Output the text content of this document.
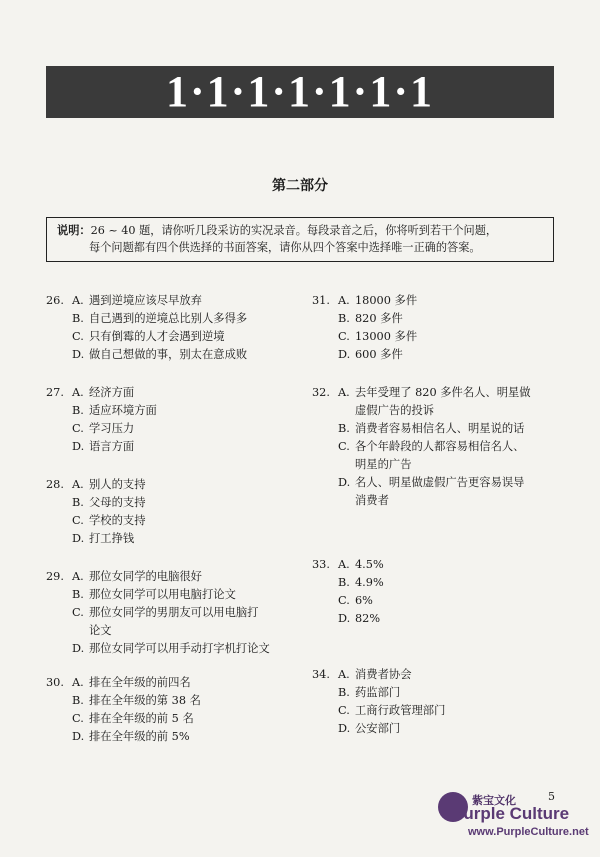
1·1·1·1·1·1·1
第二部分
说明：26 ~ 40 题，请你听几段采访的实况录音。每段录音之后，你将听到若干个问题，
每个问题都有四个供选择的书面答案，请你从四个答案中选择唯一正确的答案。
26. A. 遇到逆境应该尽早放弃
B. 自己遇到的逆境总比别人多得多
C. 只有倒霉的人才会遇到逆境
D. 做自己想做的事，别太在意成败
27. A. 经济方面
B. 适应环境方面
C. 学习压力
D. 语言方面
28. A. 别人的支持
B. 父母的支持
C. 学校的支持
D. 打工挣钱
29. A. 那位女同学的电脑很好
B. 那位女同学可以用电脑打论文
C. 那位女同学的男朋友可以用电脑打
论文
D. 那位女同学可以用手动打字机打论文
30. A. 排在全年级的前四名
B. 排在全年级的第 38 名
C. 排在全年级的前 5 名
D. 排在全年级的前 5%
31. A. 18000 多件
B. 820 多件
C. 13000 多件
D. 600 多件
32. A. 去年受理了 820 多件名人、明星做
虚假广告的投诉
B. 消费者容易相信名人、明星说的话
C. 各个年龄段的人都容易相信名人、
明星的广告
D. 名人、明星做虚假广告更容易误导
消费者
33. A. 4.5%
B. 4.9%
C. 6%
D. 82%
34. A. 消费者协会
B. 药监部门
C. 工商行政管理部门
D. 公安部门
紫宝文化	5
Purple Culture
www.PurpleCulture.net
